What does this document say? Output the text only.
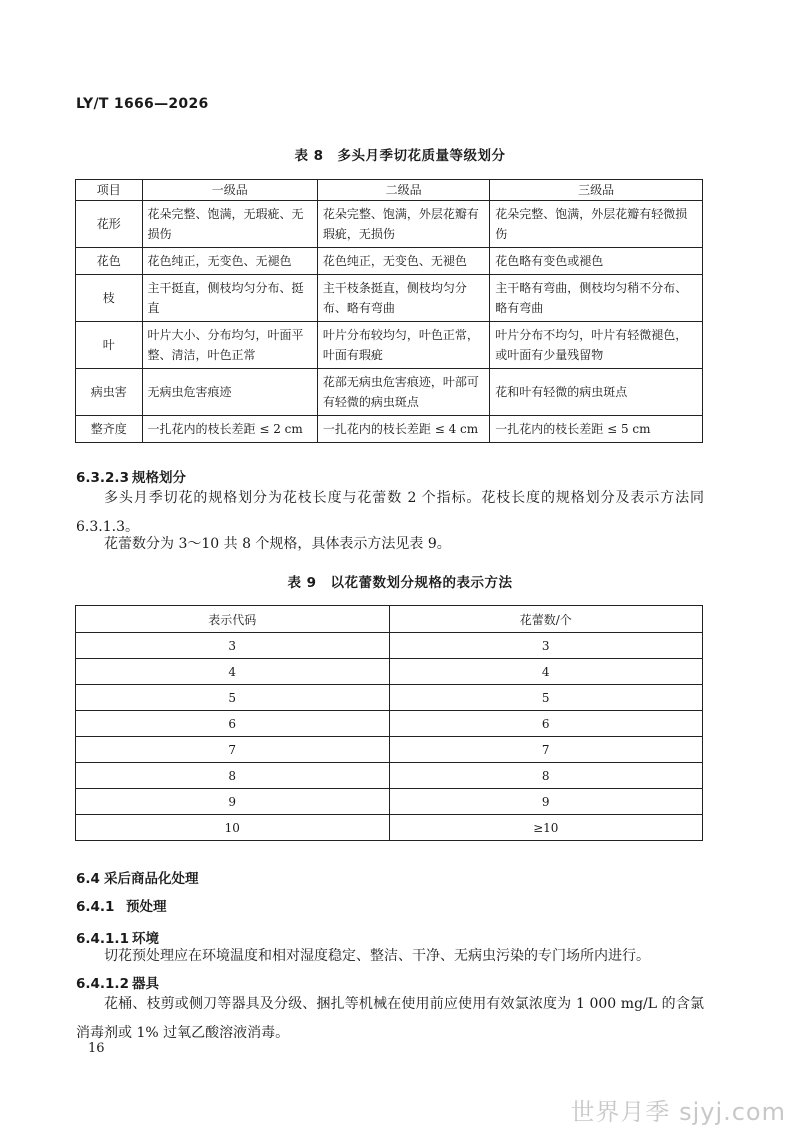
LY/T 1666—2026
表 8 多头月季切花质量等级划分
项目	一级品	二级品	三级品
花形	花朵完整、饱满，无瑕疵、无损伤	花朵完整、饱满，外层花瓣有瑕疵，无损伤	花朵完整、饱满，外层花瓣有轻微损伤
花色	花色纯正，无变色、无褪色	花色纯正，无变色、无褪色	花色略有变色或褪色
枝	主干挺直，侧枝均匀分布、挺直	主干枝条挺直，侧枝均匀分布、略有弯曲	主干略有弯曲，侧枝均匀稍不分布、略有弯曲
叶	叶片大小、分布均匀，叶面平整、清洁，叶色正常	叶片分布较均匀，叶色正常，叶面有瑕疵	叶片分布不均匀，叶片有轻微褪色，或叶面有少量残留物
病虫害	无病虫危害痕迹	花部无病虫危害痕迹，叶部可有轻微的病虫斑点	花和叶有轻微的病虫斑点
整齐度	一扎花内的枝长差距 ≤ 2 cm	一扎花内的枝长差距 ≤ 4 cm	一扎花内的枝长差距 ≤ 5 cm
6.3.2.3 规格划分
多头月季切花的规格划分为花枝长度与花蕾数 2 个指标。花枝长度的规格划分及表示方法同 6.3.1.3。
花蕾数分为 3～10 共 8 个规格，具体表示方法见表 9。
表 9 以花蕾数划分规格的表示方法
表示代码	花蕾数/个
3	3
4	4
5	5
6	6
7	7
8	8
9	9
10	≥10
6.4 采后商品化处理
6.4.1 预处理
6.4.1.1 环境
切花预处理应在环境温度和相对湿度稳定、整洁、干净、无病虫污染的专门场所内进行。
6.4.1.2 器具
花桶、枝剪或侧刀等器具及分级、捆扎等机械在使用前应使用有效氯浓度为 1 000 mg/L 的含氯消毒剂或 1% 过氧乙酸溶液消毒。
16
世界月季 sjyj.com
